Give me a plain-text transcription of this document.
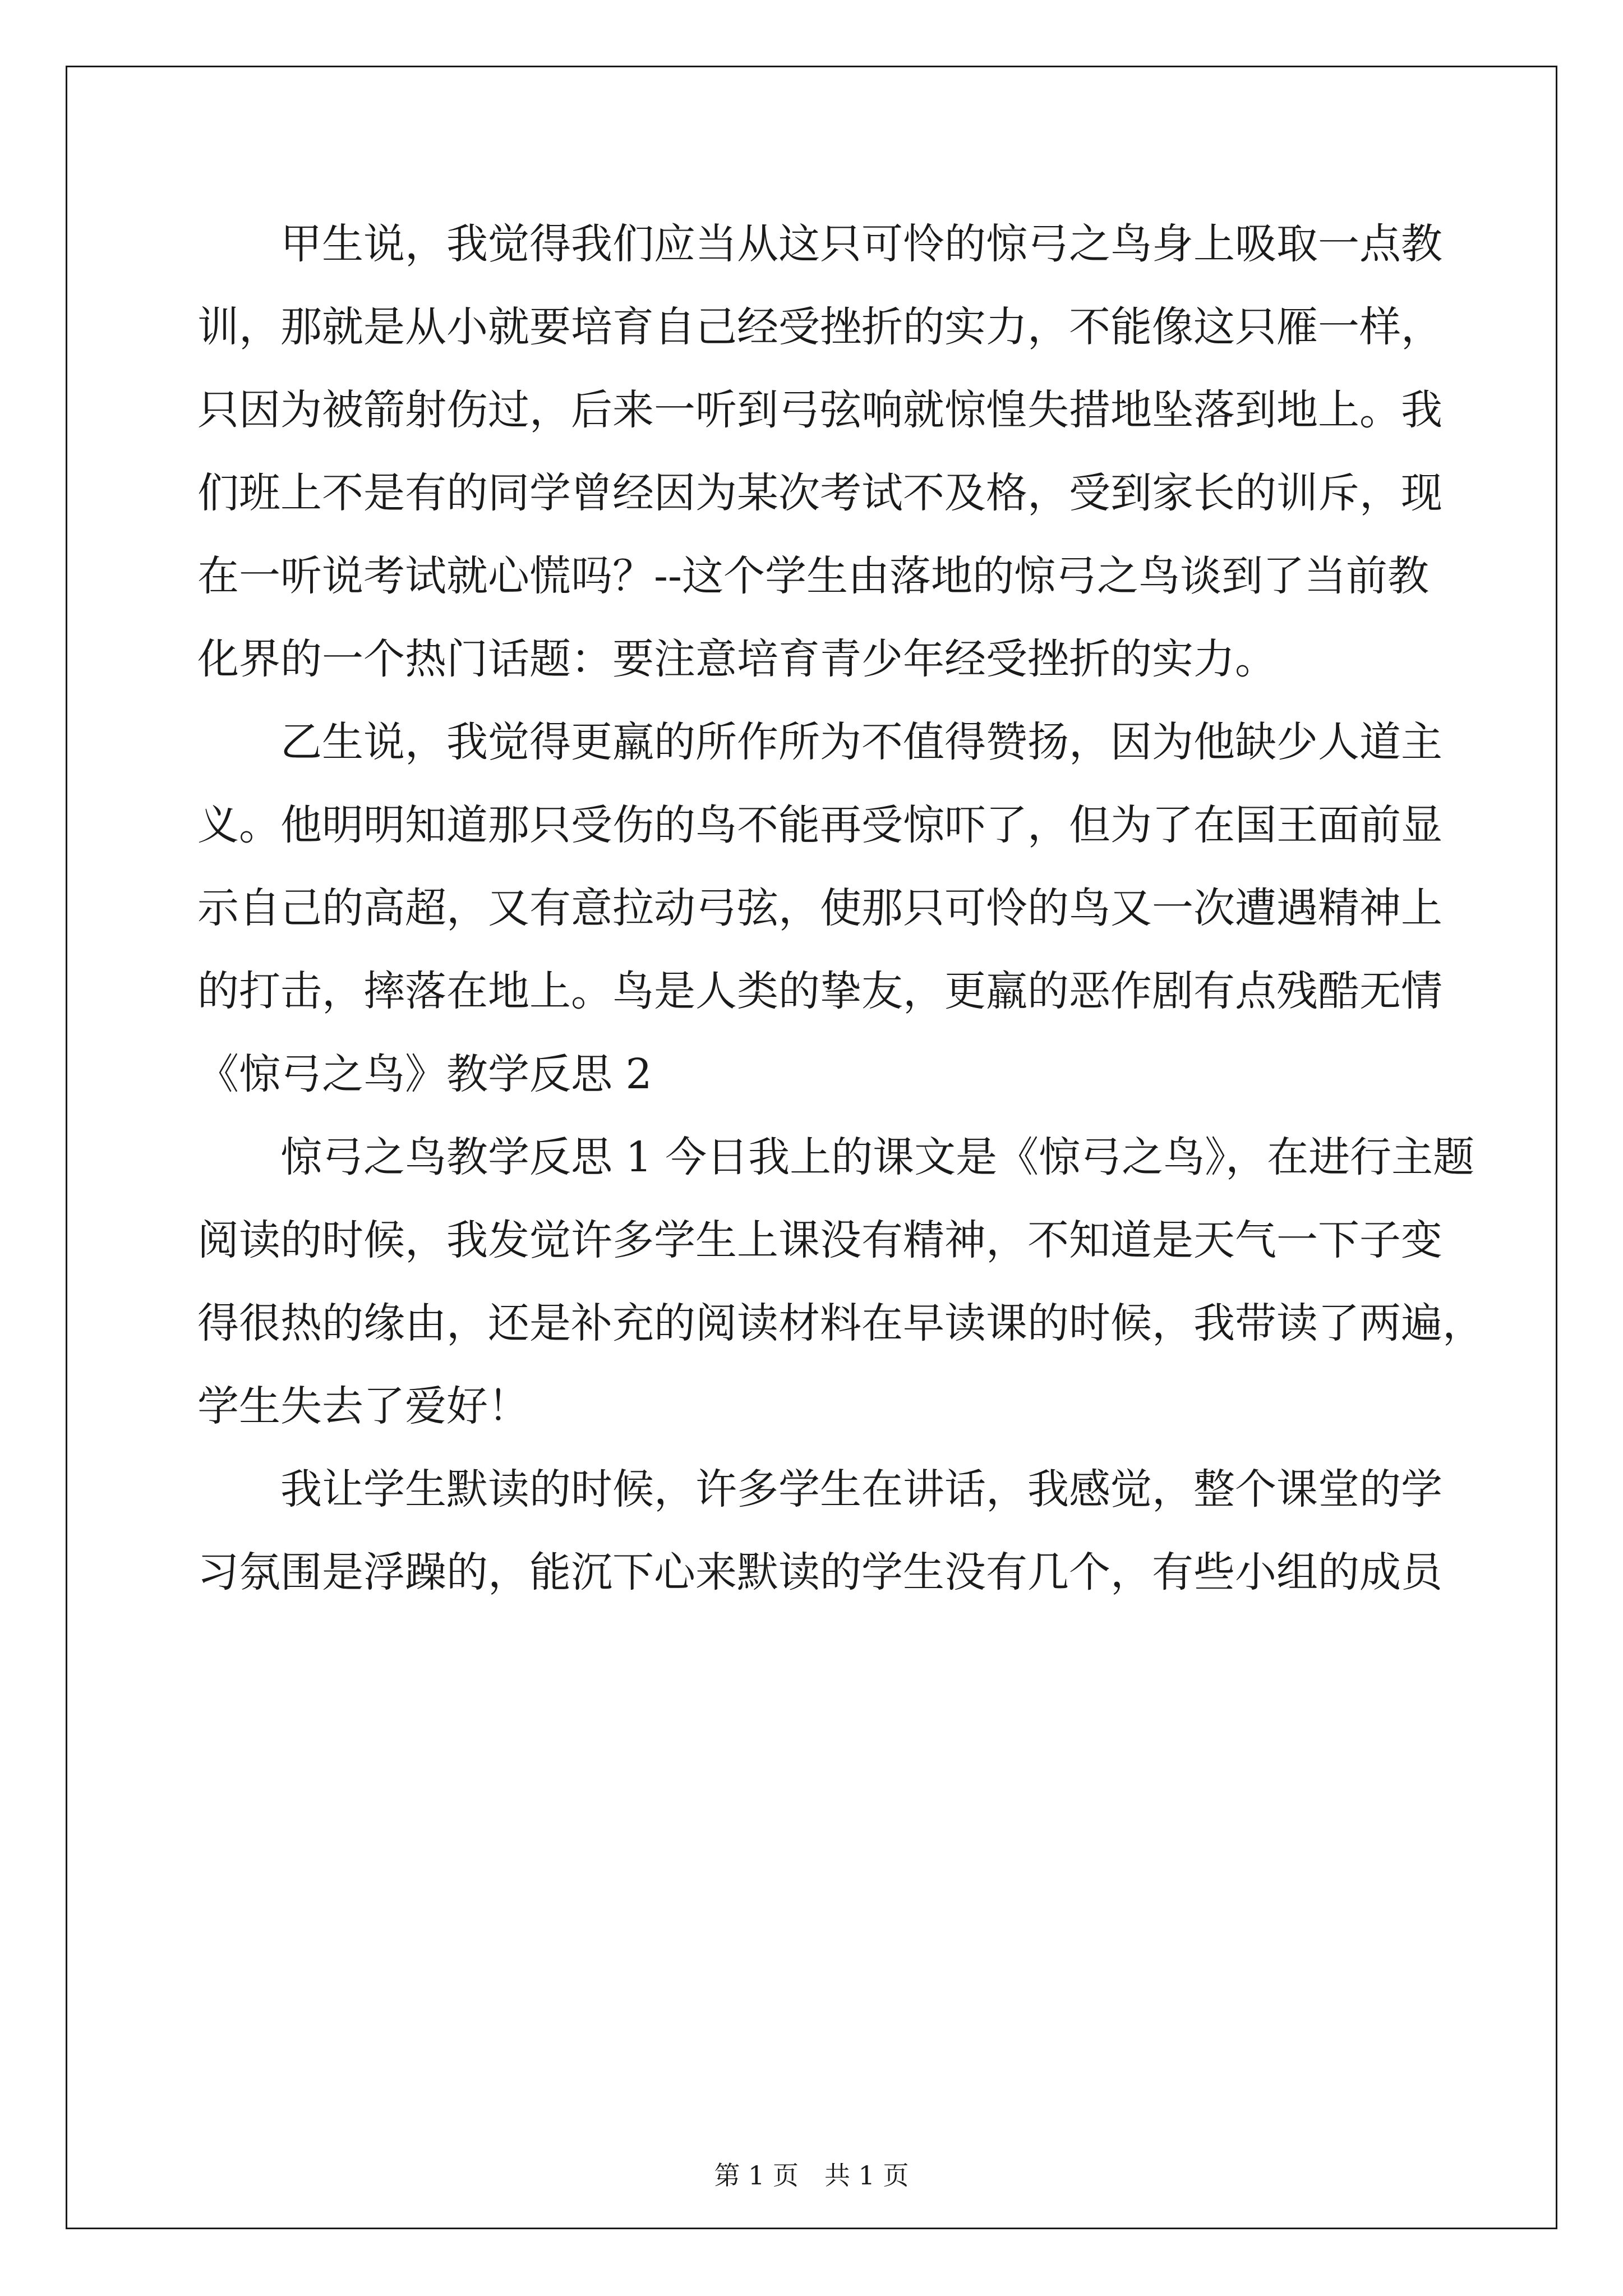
甲生说，我觉得我们应当从这只可怜的惊弓之鸟身上吸取一点教
训，那就是从小就要培育自己经受挫折的实力，不能像这只雁一样，
只因为被箭射伤过，后来一听到弓弦响就惊惶失措地坠落到地上。我
们班上不是有的同学曾经因为某次考试不及格，受到家长的训斥，现
在一听说考试就心慌吗？--这个学生由落地的惊弓之鸟谈到了当前教
化界的一个热门话题：要注意培育青少年经受挫折的实力。
乙生说，我觉得更羸的所作所为不值得赞扬，因为他缺少人道主
义。他明明知道那只受伤的鸟不能再受惊吓了，但为了在国王面前显
示自己的高超，又有意拉动弓弦，使那只可怜的鸟又一次遭遇精神上
的打击，摔落在地上。鸟是人类的挚友，更羸的恶作剧有点残酷无情
《惊弓之鸟》教学反思 2
惊弓之鸟教学反思 1 今日我上的课文是《惊弓之鸟》，在进行主题
阅读的时候，我发觉许多学生上课没有精神，不知道是天气一下子变
得很热的缘由，还是补充的阅读材料在早读课的时候，我带读了两遍，
学生失去了爱好！
我让学生默读的时候，许多学生在讲话，我感觉，整个课堂的学
习氛围是浮躁的，能沉下心来默读的学生没有几个，有些小组的成员
第 1 页　共 1 页
